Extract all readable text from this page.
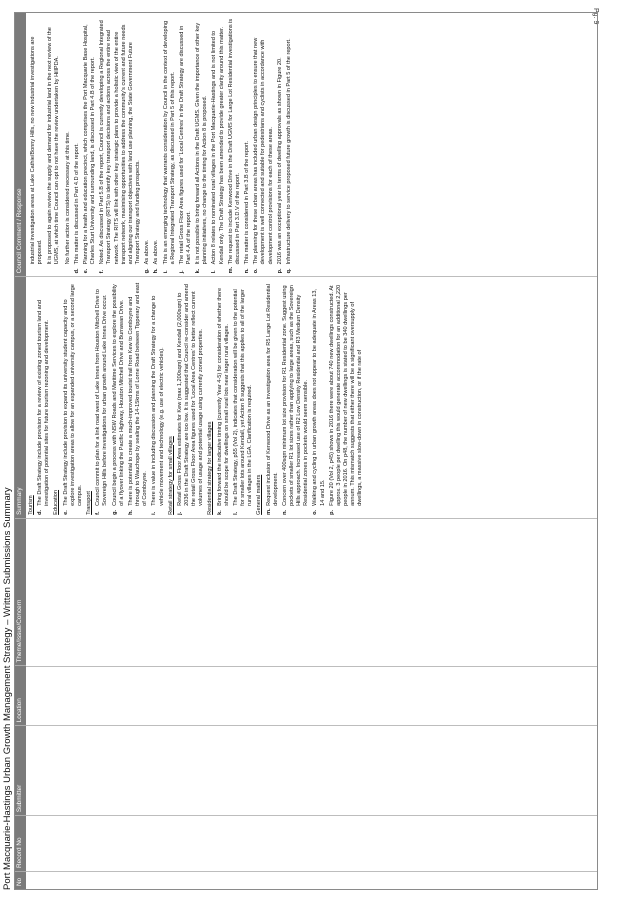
Pg. 9
Port Macquarie-Hastings Urban Growth Management Strategy – Written Submissions Summary No
Record No
Submitter
Location
Theme/Issue/Concern
Summary
Council Comment / Response
Tourism d.
The Draft Strategy include provision for a review of existing zoned tourism land and investigation of potential sites for future tourism rezoning and development. Education e.
The Draft Strategy include provision to expand its university student capacity and to explore investigation areas to allow for an expanded university campus, or a second large campus. Transport f.
Council commit to plan for a link road west of Lake Innes from Houston Mitchell Drive to Sovereign Hills before investigations for urban growth around Lake Innes Drive occur.
g.
Council begin a process with NSW Roads and Maritime Services to explore the possibility of a flyover linking the Pacific Highway, Houston Mitchell Drive and Burrawan Drive.
h.
There is potential to create a much-improved tourist trail from Kew to Comboyne and through to Wauchope by sealing the 14-15kms of Lorne Road between Tipperary and east of Comboyne.
i.
There is value in including discussion and planning the Draft Strategy for a change to vehicle movement and technology (e.g. use of electric vehicles). Retail strategy for small villages j.
Retail Gross Floor Area estimates for Kew (max 1,200sqm) and Kendall (2,000sqm) to 2036 in the Draft Strategy are too low. It is suggested that Council re-consider and amend the retail Gross Floor Area figures used for 'Local Area Centres' to better reflect current volumes of usage and potential usage using currently zoned properties. Residential strategy for larger villages k.
Bring forward the indicative timing (currently Year 4-5) for consideration of whether there should be scope for dwellings on small rural lots near larger rural villages.
l.
The Draft Strategy, p55 (Vol 2), indicates that consideration will be given to the potential for smaller lots around Kendall, yet Action 8 suggests that this applies to all of the larger rural villages in the LGA. Clarification is required. General matters m.
Request inclusion of Kenwood Drive as an investigation area for R5 Large Lot Residential development.
n.
Concern over 400sqm minimum lot size provision for R1 Residential zone. Suggest using pockets of smaller R1 lot sizes rather than applying to large areas, such as the Sovereign Hills approach. Increased use of R2 Low Density Residential and R3 Medium Density Residential zones in pockets would seem sensible.
o.
Walking and cycling in urban growth areas does not appear to be adequate in Areas 13, 14 and 15.
p.
Figure 20 (Vol 2, p45) shows in 2016 there were about 740 new dwellings constructed. At approx. 3 people per dwelling this would generate accommodation for an additional 2,220 people in 2016. On p48, the number of new dwellings is stated to be 340 dwellings per annum. This mismatch suggests that either there will be a significant oversupply of dwellings, a massive slow-down in construction, or if the rate of
industrial investigation areas at Lake Cathie/Bonny Hills, no new industrial investigations are proposed. It is proposed to again review the supply and demand for industrial land in the next review of the UGMS, at which time Council can opt to not have the review undertaken by HillPDA. No further action is considered necessary at this time.
d.
This matter is discussed in Part 4.D of the report.
e.
Planning for a health and education precinct, which comprises the Port Macquarie Base Hospital, Charles Sturt University and surrounding land, is discussed in Part 4.B of the report.
f.
Noted. As discussed in Part 5.B of the report, Council is currently developing a Regional Integrated Transport Strategy (RITS) to identify key transport decisions and actions across the entire road network. The RITS will link with other key strategic plans to provide a holistic view of the entire transport network, maximising opportunities to address the community's current and future needs and aligning our transport objectives with land use planning, the State Government Future Transport Strategy and funding prospects.
g.
As above.
h.
As above.
i.
This is an emerging technology that warrants consideration by Council in the context of developing a Regional Integrated Transport Strategy, as discussed in Part 5 of this report.
j.
The retail Gross Floor Area figures used for 'Local Centres' in the Draft Strategy are discussed in Part 4.A of the report.
k.
It is not possible to bring forward all Actions in the Draft UGMS. Given the importance of other key planning initiatives, no change to the timing for Action 8 is proposed.
l.
Action 8 relates to nominated rural villages in the Port Macquarie-Hastings and is not limited to Kendall only. The Draft Strategy has been amended to provide greater clarity around this matter.
m.
The request to include Kenwood Drive in the Draft UGMS for Large Lot Residential investigations is discussed in Part 3.D.V of the report.
n.
This matter is considered in Part 3.B of the report.
o.
The planning for these urban areas has included urban design principles to ensure that new development is well connected and suitable for pedestrians and cyclists in accordance with development control provisions for each of these areas.
p.
2016 was an exceptional year in terms of dwelling approvals as shown in Figure 20.
q.
Infrastructure delivery to service proposed future growth is discussed in Part 5 of the report.
